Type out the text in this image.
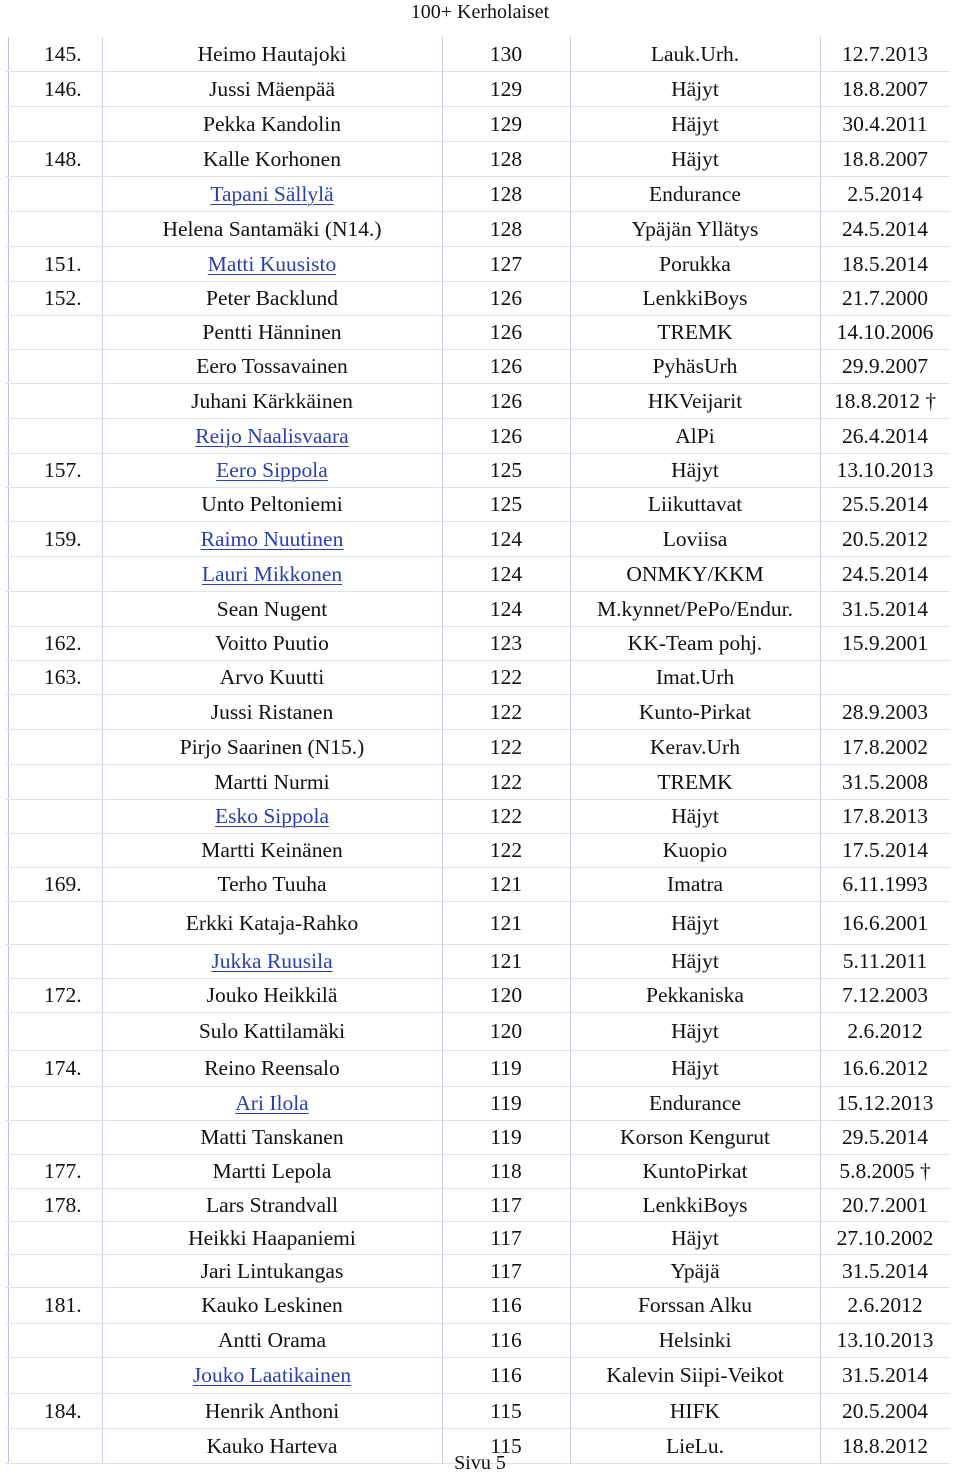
100+ Kerholaiset
145.	Heimo Hautajoki	130	Lauk.Urh.	12.7.2013
146.	Jussi Mäenpää	129	Häjyt	18.8.2007
Pekka Kandolin	129	Häjyt	30.4.2011
148.	Kalle Korhonen	128	Häjyt	18.8.2007
Tapani Sällylä	128	Endurance	2.5.2014
Helena Santamäki (N14.)	128	Ypäjän Yllätys	24.5.2014
151.	Matti Kuusisto	127	Porukka	18.5.2014
152.	Peter Backlund	126	LenkkiBoys	21.7.2000
Pentti Hänninen	126	TREMK	14.10.2006
Eero Tossavainen	126	PyhäsUrh	29.9.2007
Juhani Kärkkäinen	126	HKVeijarit	18.8.2012 †
Reijo Naalisvaara	126	AlPi	26.4.2014
157.	Eero Sippola	125	Häjyt	13.10.2013
Unto Peltoniemi	125	Liikuttavat	25.5.2014
159.	Raimo Nuutinen	124	Loviisa	20.5.2012
Lauri Mikkonen	124	ONMKY/KKM	24.5.2014
Sean Nugent	124	M.kynnet/PePo/Endur. 31.5.2014
162.	Voitto Puutio	123	KK-Team pohj.	15.9.2001
163.	Arvo Kuutti	122	Imat.Urh
Jussi Ristanen	122	Kunto-Pirkat	28.9.2003
Pirjo Saarinen (N15.)	122	Kerav.Urh	17.8.2002
Martti Nurmi	122	TREMK	31.5.2008
Esko Sippola	122	Häjyt	17.8.2013
Martti Keinänen	122	Kuopio	17.5.2014
169.	Terho Tuuha	121	Imatra	6.11.1993
Erkki Kataja-Rahko	121	Häjyt	16.6.2001
Jukka Ruusila	121	Häjyt	5.11.2011
172.	Jouko Heikkilä	120	Pekkaniska	7.12.2003
Sulo Kattilamäki	120	Häjyt	2.6.2012
174.	Reino Reensalo	119	Häjyt	16.6.2012
Ari Ilola	119	Endurance	15.12.2013
Matti Tanskanen	119	Korson Kengurut	29.5.2014
177.	Martti Lepola	118	KuntoPirkat	5.8.2005 †
178.	Lars Strandvall	117	LenkkiBoys	20.7.2001
Heikki Haapaniemi	117	Häjyt	27.10.2002
Jari Lintukangas	117	Ypäjä	31.5.2014
181.	Kauko Leskinen	116	Forssan Alku	2.6.2012
Antti Orama	116	Helsinki	13.10.2013
Jouko Laatikainen	116	Kalevin Siipi-Veikot	31.5.2014
184.	Henrik Anthoni	115	HIFK	20.5.2004
Kauko Harteva	115	LieLu.	18.8.2012
Sivu 5
